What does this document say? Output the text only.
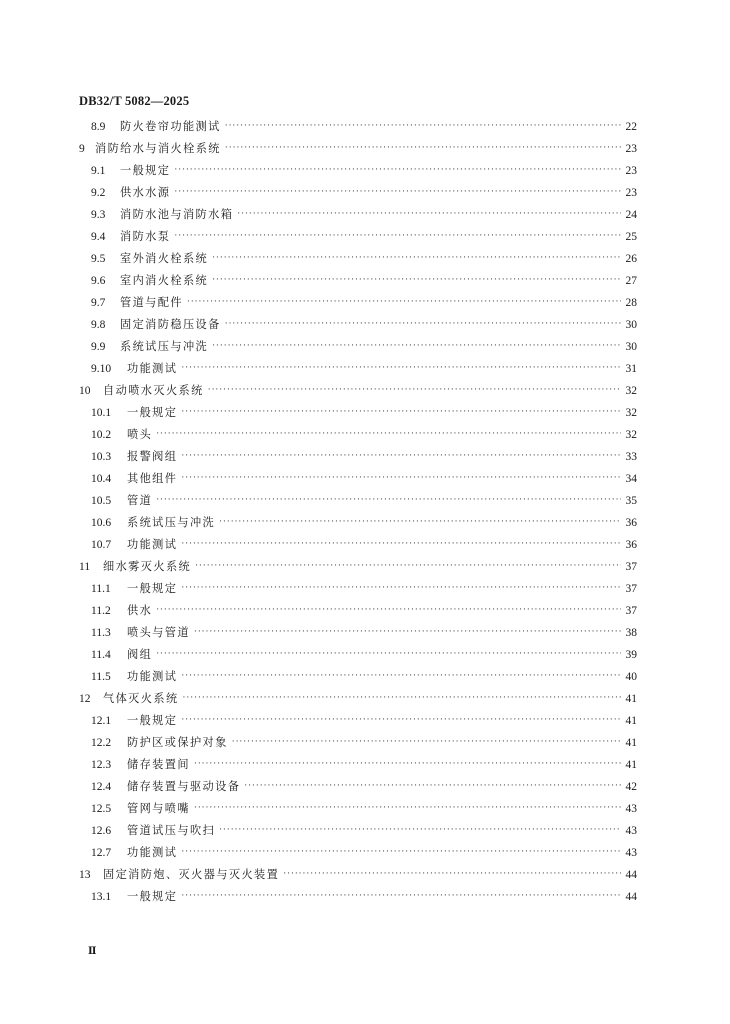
DB32/T 5082—2025
8.9	防火卷帘功能测试 ·····	22
9 消防给水与消火栓系统 ·····	23
9.1	一般规定 ·····	23
9.2	供水水源 ·····	23
9.3	消防水池与消防水箱 ·····	24
9.4	消防水泵 ·····	25
9.5	室外消火栓系统 ·····	26
9.6	室内消火栓系统 ·····	27
9.7	管道与配件 ·····	28
9.8	固定消防稳压设备 ·····	30
9.9	系统试压与冲洗 ·····	30
9.10	功能测试 ·····	31
10	自动喷水灭火系统 ·····	32
10.1	一般规定 ·····	32
10.2	喷头 ·····	32
10.3	报警阀组 ·····	33
10.4	其他组件 ·····	34
10.5	管道 ·····	35
10.6	系统试压与冲洗 ·····	36
10.7	功能测试 ·····	36
11	细水雾灭火系统 ·····	37
11.1	一般规定 ·····	37
11.2	供水 ·····	37
11.3	喷头与管道 ·····	38
11.4	阀组 ·····	39
11.5	功能测试 ·····	40
12	气体灭火系统 ·····	41
12.1	一般规定 ·····	41
12.2	防护区或保护对象 ·····	41
12.3	储存装置间 ·····	41
12.4	储存装置与驱动设备 ·····	42
12.5	管网与喷嘴 ·····	43
12.6	管道试压与吹扫 ·····	43
12.7	功能测试 ·····	43
13	固定消防炮、灭火器与灭火装置 ·····	44
13.1	一般规定 ·····	44
Ⅱ
